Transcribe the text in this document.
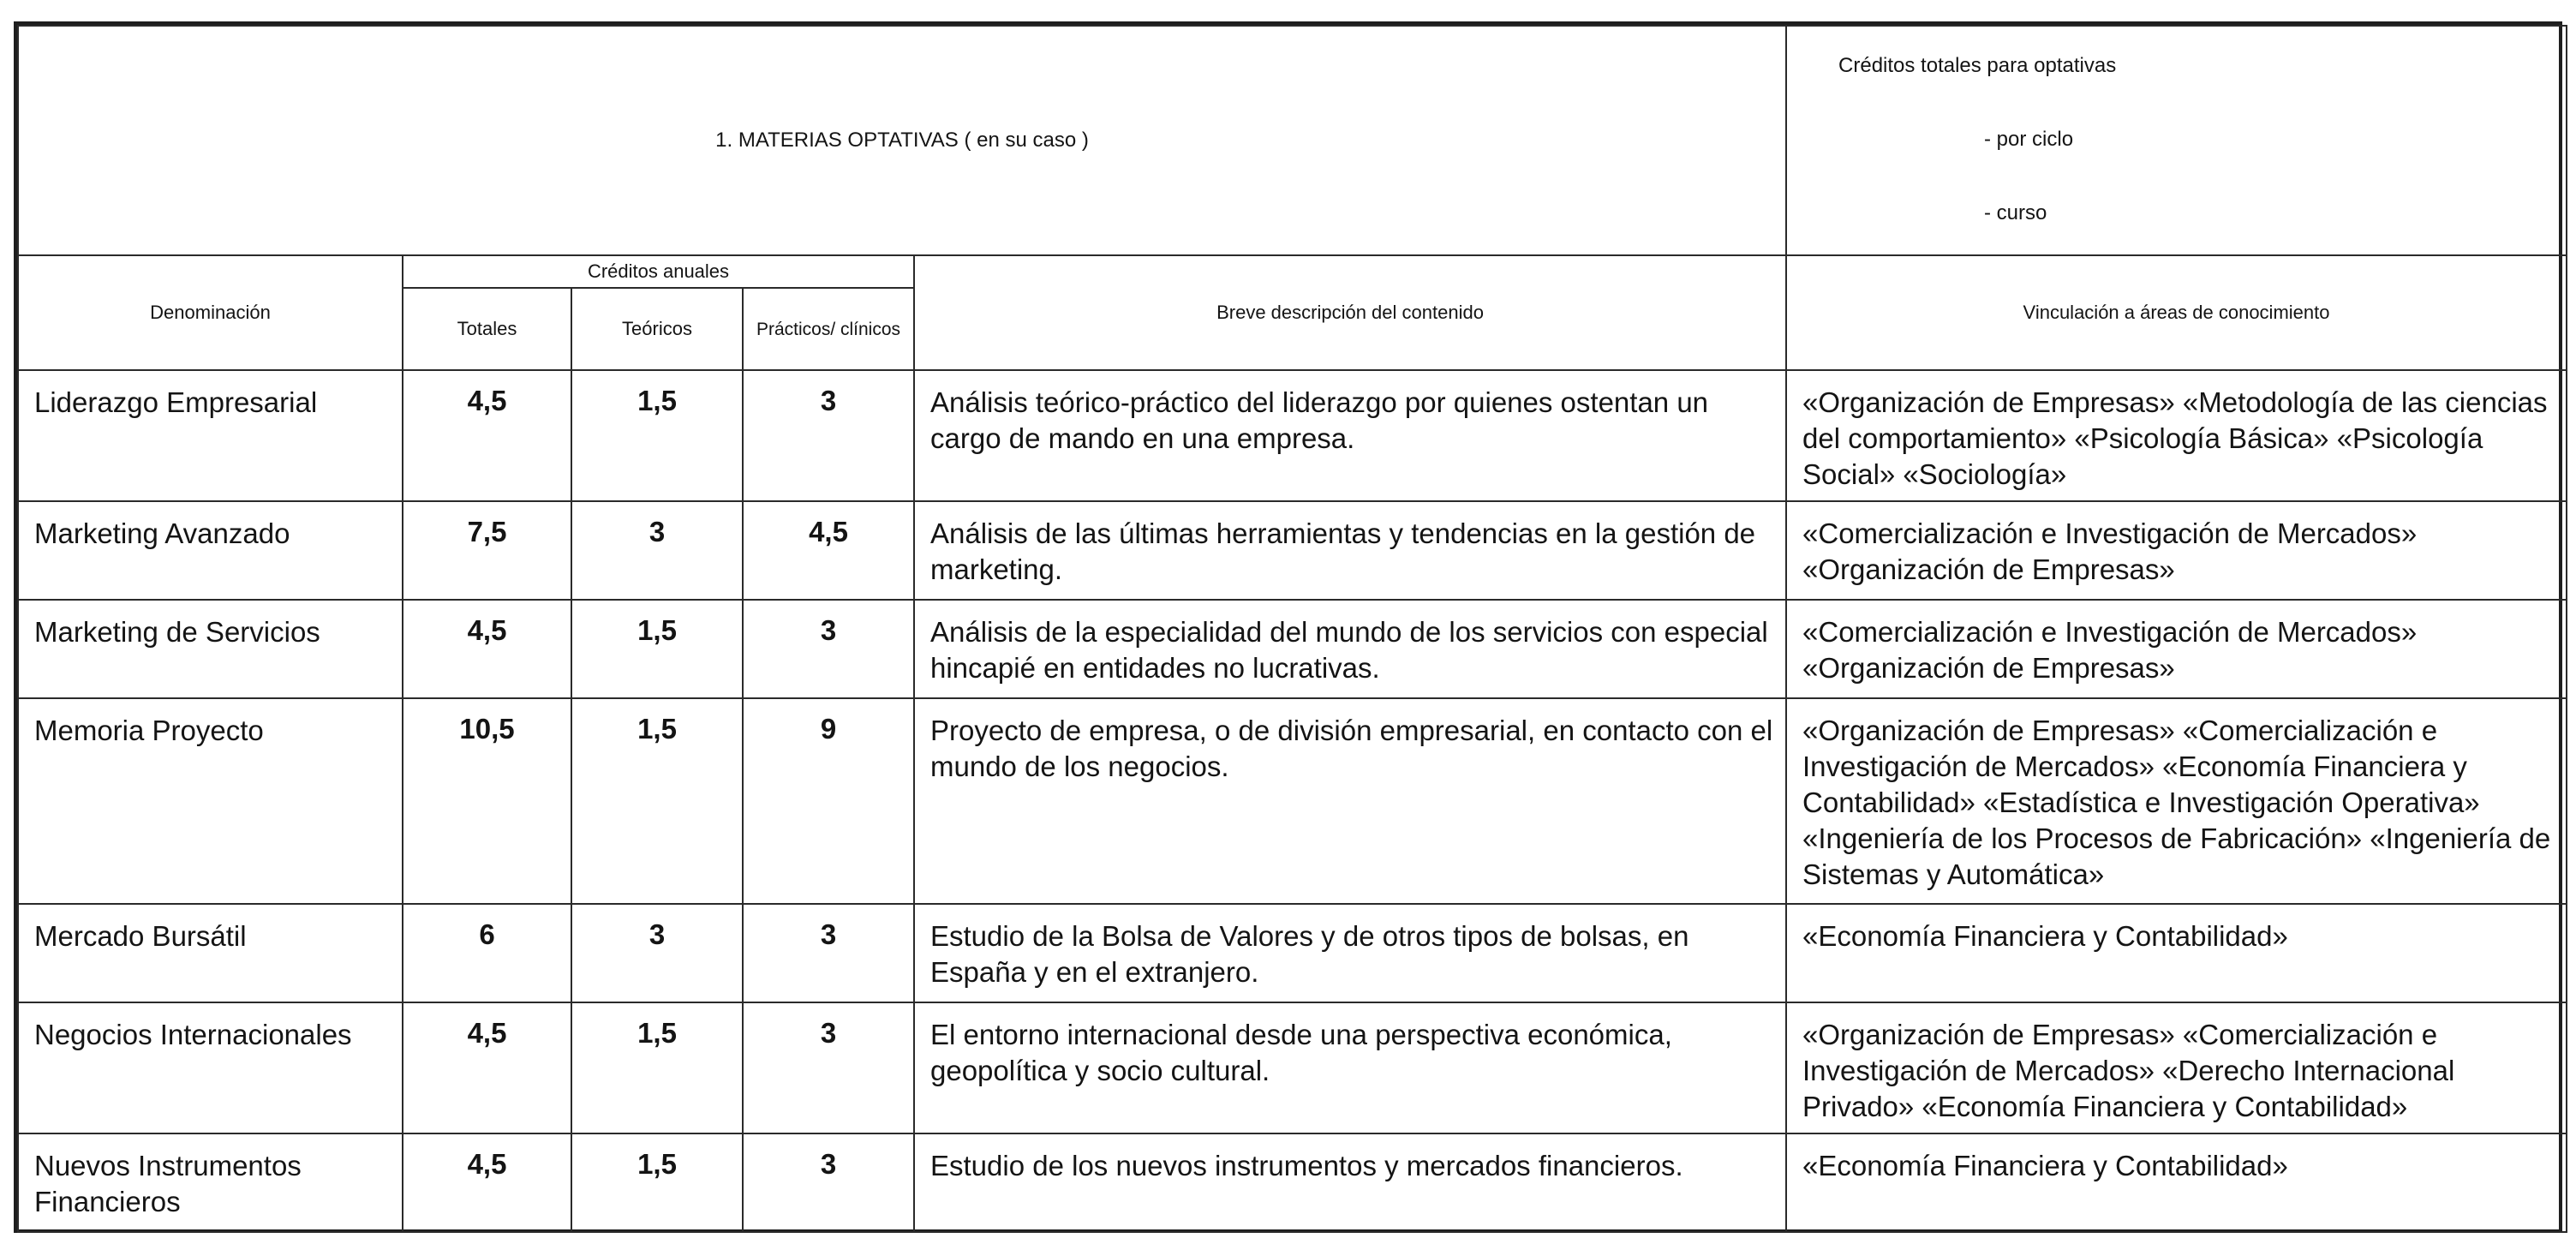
1. MATERIAS OPTATIVAS ( en su caso )					Créditos totales para optativas
- por ciclo
- curso

Denominación	Créditos anuales			Breve descripción del contenido	Vinculación a áreas de conocimiento
	Totales	Teóricos	Prácticos/ clínicos		
Liderazgo Empresarial	4,5	1,5	3	Análisis teórico-práctico del liderazgo por quienes ostentan un cargo de mando en una empresa.	«Organización de Empresas» «Metodología de las ciencias del comportamiento» «Psicología Básica» «Psicología Social» «Sociología»
Marketing Avanzado	7,5	3	4,5	Análisis de las últimas herramientas y tendencias en la gestión de marketing.	«Comercialización e Investigación de Mercados» «Organización de Empresas»
Marketing de Servicios	4,5	1,5	3	Análisis de la especialidad del mundo de los servicios con especial hincapié en entidades no lucrativas.	«Comercialización e Investigación de Mercados» «Organización de Empresas»
Memoria Proyecto	10,5	1,5	9	Proyecto de empresa, o de división empresarial, en contacto con el mundo de los negocios.	«Organización de Empresas» «Comercialización e Investigación de Mercados» «Economía Financiera y Contabilidad» «Estadística e Investigación Operativa» «Ingeniería de los Procesos de Fabricación» «Ingeniería de Sistemas y Automática»
Mercado Bursátil	6	3	3	Estudio de la Bolsa de Valores y de otros tipos de bolsas, en España y en el extranjero.	«Economía Financiera y Contabilidad»
Negocios Internacionales	4,5	1,5	3	El entorno internacional desde una perspectiva económica, geopolítica y socio cultural.	«Organización de Empresas» «Comercialización e Investigación de Mercados» «Derecho Internacional Privado» «Economía Financiera y Contabilidad»
Nuevos Instrumentos Financieros	4,5	1,5	3	Estudio de los nuevos instrumentos y mercados financieros.	«Economía Financiera y Contabilidad»
